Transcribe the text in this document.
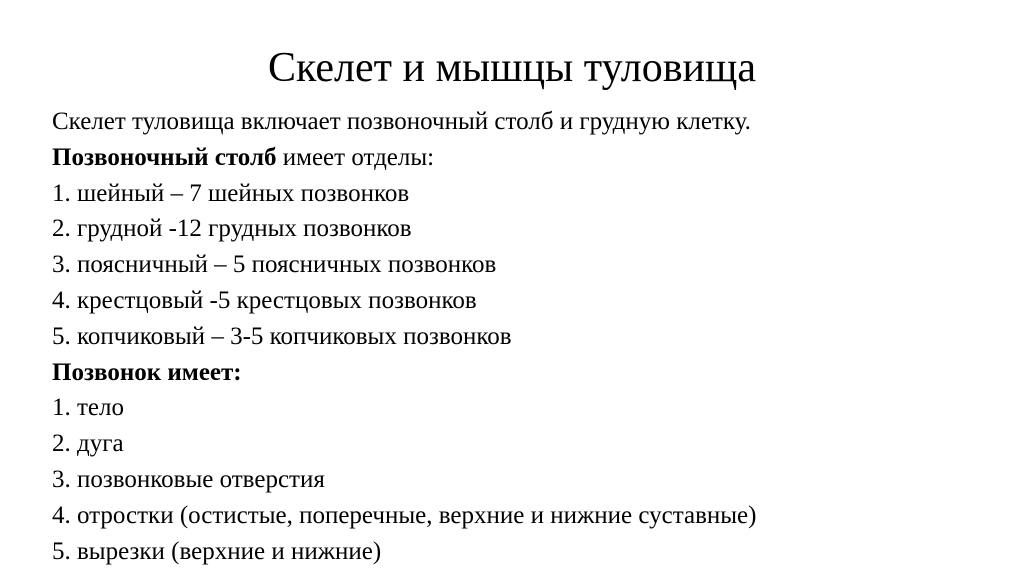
Скелет и мышцы туловища
Скелет туловища включает позвоночный столб и грудную клетку.
Позвоночный столб имеет отделы:
1. шейный – 7 шейных позвонков
2. грудной -12 грудных позвонков
3. поясничный – 5 поясничных позвонков
4. крестцовый -5 крестцовых позвонков
5. копчиковый – 3-5 копчиковых позвонков
Позвонок имеет:
1. тело
2. дуга
3. позвонковые отверстия
4. отростки (остистые, поперечные, верхние и нижние суставные)
5. вырезки (верхние и нижние)
